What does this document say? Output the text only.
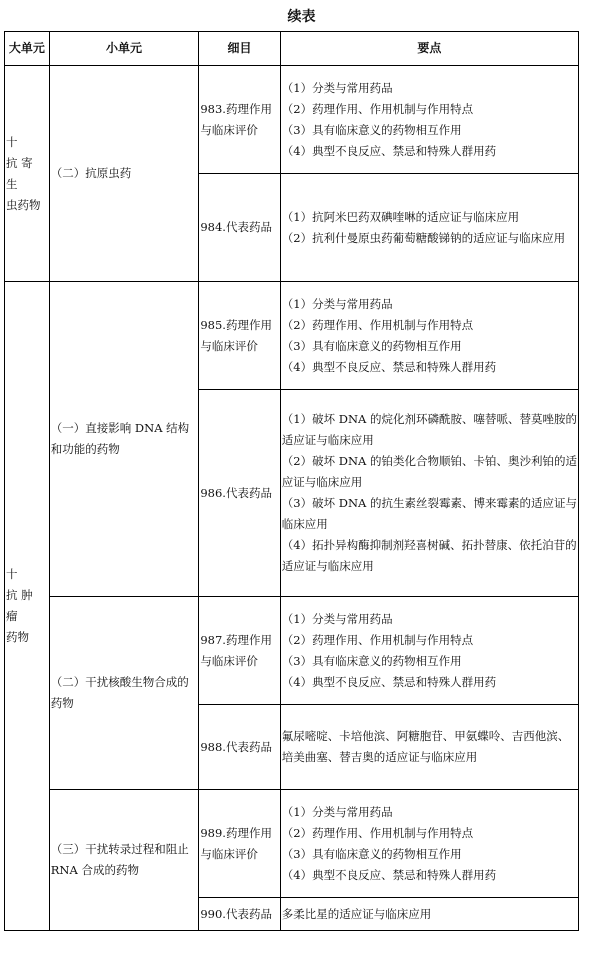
续表
大单元	小单元	细目	要点
十
抗 寄 生
虫药物	（二）抗原虫药	983.药理作用与临床评价	（1）分类与常用药品
（2）药理作用、作用机制与作用特点
（3）具有临床意义的药物相互作用
（4）典型不良反应、禁忌和特殊人群用药

		984.代表药品	（1）抗阿米巴药双碘喹啉的适应证与临床应用
（2）抗利什曼原虫药葡萄糖酸锑钠的适应证与临床应用

十
抗 肿 瘤
药物	（一）直接影响 DNA 结构和功能的药物	985.药理作用与临床评价	（1）分类与常用药品
（2）药理作用、作用机制与作用特点
（3）具有临床意义的药物相互作用
（4）典型不良反应、禁忌和特殊人群用药

		986.代表药品	（1）破坏 DNA 的烷化剂环磷酰胺、噻替哌、替莫唑胺的适应证与临床应用
（2）破坏 DNA 的铂类化合物顺铂、卡铂、奥沙利铂的适应证与临床应用
（3）破坏 DNA 的抗生素丝裂霉素、博来霉素的适应证与临床应用
（4）拓扑异构酶抑制剂羟喜树碱、拓扑替康、依托泊苷的适应证与临床应用

	（二）干扰核酸生物合成的药物	987.药理作用与临床评价	（1）分类与常用药品
（2）药理作用、作用机制与作用特点
（3）具有临床意义的药物相互作用
（4）典型不良反应、禁忌和特殊人群用药

		988.代表药品	氟尿嘧啶、卡培他滨、阿糖胞苷、甲氨蝶呤、吉西他滨、培美曲塞、替吉奥的适应证与临床应用

	（三）干扰转录过程和阻止 RNA 合成的药物	989.药理作用与临床评价	（1）分类与常用药品
（2）药理作用、作用机制与作用特点
（3）具有临床意义的药物相互作用
（4）典型不良反应、禁忌和特殊人群用药

		990.代表药品	多柔比星的适应证与临床应用
